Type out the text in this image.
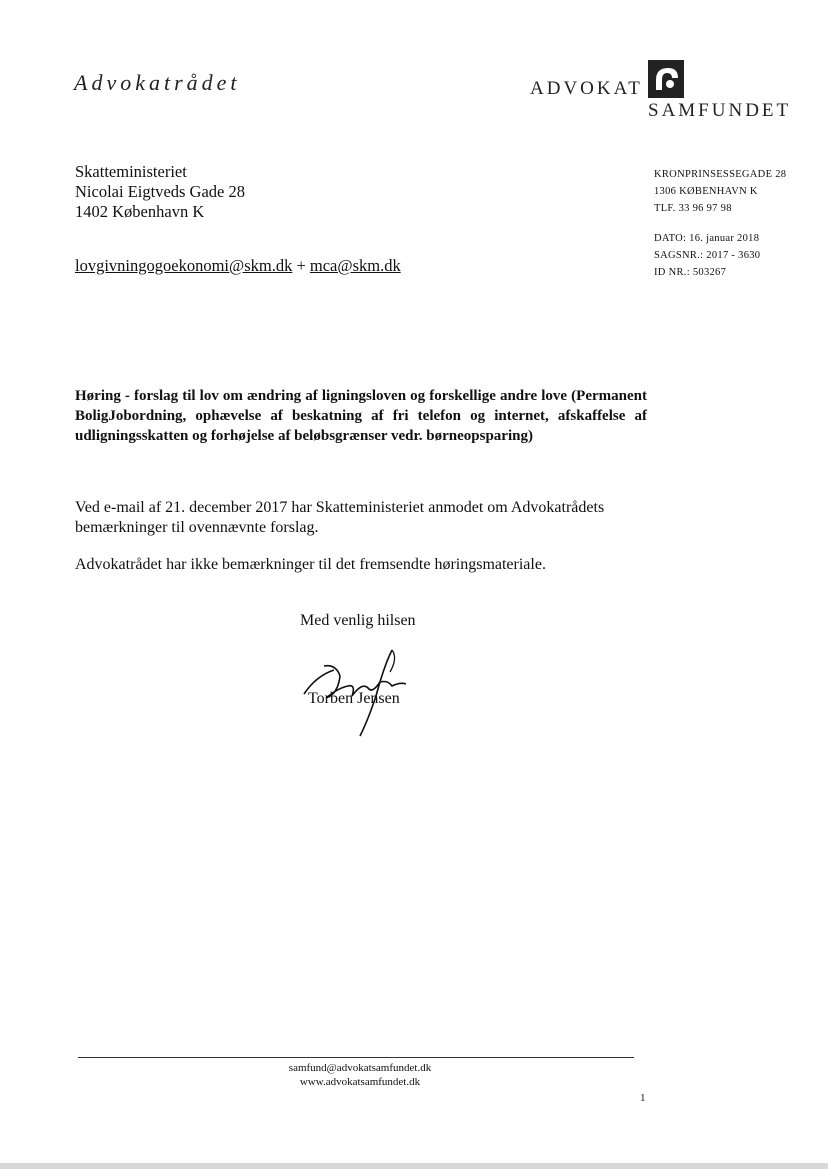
Advokatrådet	ADVOKAT
SAMFUNDET
Skatteministeriet
Nicolai Eigtveds Gade 28
1402 København K
lovgivningogoekonomi@skm.dk + mca@skm.dk
KRONPRINSESSEGADE 28
1306 KØBENHAVN K
TLF. 33 96 97 98
DATO: 16. januar 2018
SAGSNR.: 2017 - 3630
ID NR.: 503267
Høring - forslag til lov om ændring af ligningsloven og forskellige andre love (Permanent BoligJobordning, ophævelse af beskatning af fri telefon og internet, afskaffelse af udligningsskatten og forhøjelse af beløbsgrænser vedr. børneopsparing)
Ved e-mail af 21. december 2017 har Skatteministeriet anmodet om Advokatrådets bemærkninger til ovennævnte forslag.
Advokatrådet har ikke bemærkninger til det fremsendte høringsmateriale.
Med venlig hilsen
Torben Jensen
samfund@advokatsamfundet.dk
www.advokatsamfundet.dk
1
